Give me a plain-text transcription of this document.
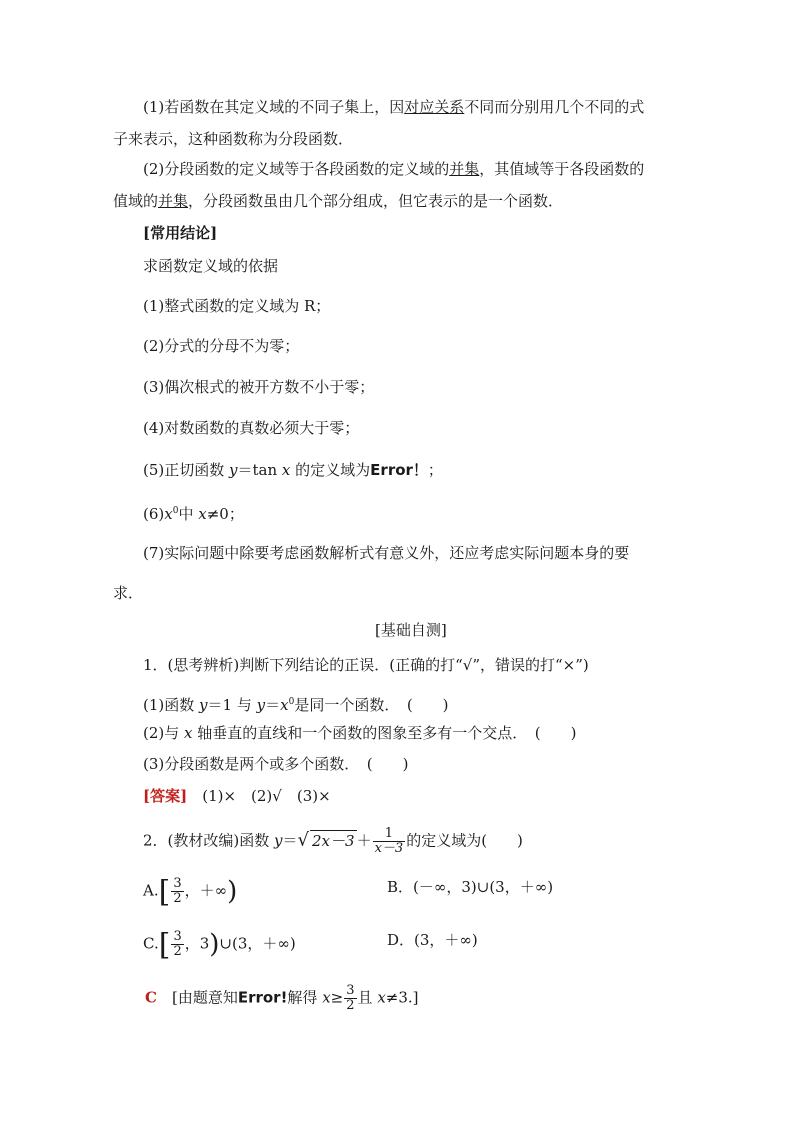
(1)若函数在其定义域的不同子集上，因对应关系不同而分别用几个不同的式
子来表示，这种函数称为分段函数．
(2)分段函数的定义域等于各段函数的定义域的并集，其值域等于各段函数的
值域的并集，分段函数虽由几个部分组成，但它表示的是一个函数．
[常用结论]
求函数定义域的依据
(1)整式函数的定义域为 R；
(2)分式的分母不为零；
(3)偶次根式的被开方数不小于零；
(4)对数函数的真数必须大于零；
(5)正切函数 y＝tan x 的定义域为Error！；
$(6)x^0$中 x≠0；
(7)实际问题中除要考虑函数解析式有意义外，还应考虑实际问题本身的要
求．
[基础自测]
1．(思考辨析)判断下列结论的正误．(正确的打“√”，错误的打“×”)
(1)函数 y＝1 与 $y=x^0$是同一个函数．　(　　)
(2)与 x 轴垂直的直线和一个函数的图象至多有一个交点．　(　　)
(3)分段函数是两个或多个函数．　(　　)
[答案]　 (1)×　(2)√　(3)×
2．(教材改编)函数 y＝√ $2x-3 + \frac{1}{x-3}$ 的定义域为(　　)
$A.[ \frac{3}{2}$ ，＋∞)	B．(－∞，3)∪(3，＋∞)
$C.[ \frac{3}{2}$ ，3)∪(3，＋∞)	D．(3，＋∞)
C　 [由题意知Error!解得 $x\ge \frac{3}{2}$ 且 x≠3.]
